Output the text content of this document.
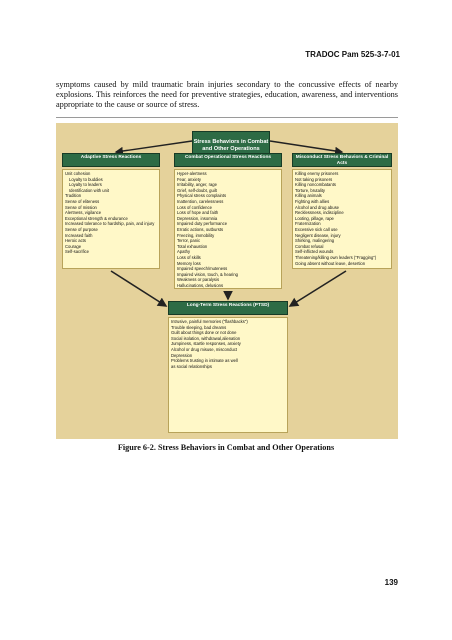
TRADOC Pam 525-3-7-01

symptoms caused by mild traumatic brain injuries secondary to the concussive effects of nearby explosions. This reinforces the need for preventive strategies, education, awareness, and interventions appropriate to the cause or source of stress.

Stress Behaviors in Combat and Other Operations
Adaptive Stress Reactions
Unit cohesion
Loyalty to buddies
Loyalty to leaders
Identification with unit
Tradition
Sense of eliteness
Sense of mission
Alertness, vigilance
Exceptional strength & endurance
Increased tolerance to hardship, pain, and injury
Sense of purpose
Increased faith
Heroic acts
Courage
Self-sacrifice
Combat Operational Stress Reactions
Hyper-alertness
Fear, anxiety
Irritability, anger, rage
Grief, self-doubt, guilt
Physical stress complaints
Inattention, carelessness
Loss of confidence
Loss of hope and faith
Depression, insomnia
Impaired duty performance
Erratic actions, outbursts
Freezing, immobility
Terror, panic
Total exhaustion
Apathy
Loss of skills
Memory loss
Impaired speech/muteness
Impaired vision, touch, & hearing
Weakness or paralysis
Hallucinations, delusions
Misconduct Stress Behaviors & Criminal Acts
Killing enemy prisoners
Not taking prisoners
Killing noncombatants
Torture, brutality
Killing animals
Fighting with allies
Alcohol and drug abuse
Recklessness, indiscipline
Looting, pillage, rape
Fraternization
Excessive sick call use
Negligent disease, injury
Shirking, malingering
Combat refusal
Self-inflicted wounds
Threatening/killing own leaders ("Fragging")
Going absent without leave, desertion
Long-Term Stress Reactions (PTSD)
Intrusive, painful memories ("flashbacks")
Trouble sleeping, bad dreams
Guilt about things done or not done
Social isolation, withdrawal,alienation
Jumpiness, startle responses, anxiety
Alcohol or drug misuse, misconduct
Depression
Problems trusting in intimate as well
as social relationships
Figure 6-2. Stress Behaviors in Combat and Other Operations
139
